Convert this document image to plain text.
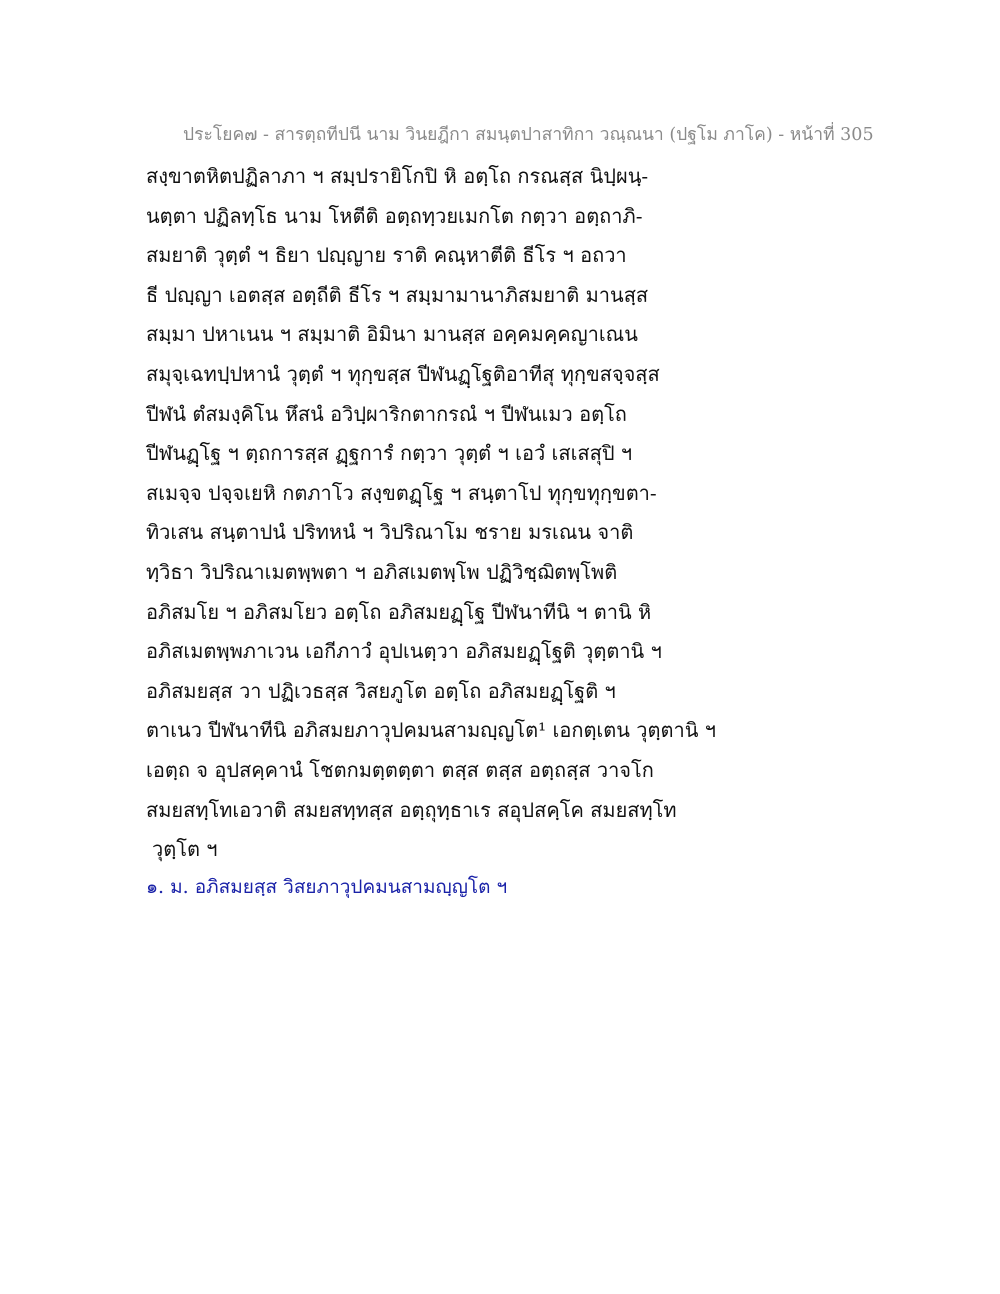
ประโยค๗ - สารตฺถทีปนี นาม วินยฎีกา สมนฺตปาสาทิกา วณฺณนา (ปฐโม ภาโค) - หน้าที่ 305
สงฺขาตหิตปฏิลาภา ฯ สมฺปรายิโกปิ หิ อตฺโถ กรณสฺส นิปฺผนฺ-
นตฺตา ปฏิลทฺโธ นาม โหตีติ อตฺถทฺวยเมกโต กตฺวา อตฺถาภิ-
สมยาติ วุตฺตํ ฯ ธิยา ปญฺญาย ราติ คณฺหาตีติ ธีโร ฯ อถวา
ธี ปญฺญา เอตสฺส อตฺถีติ ธีโร ฯ สมฺมามานาภิสมยาติ มานสฺส
สมฺมา ปหาเนน ฯ สมฺมาติ อิมินา มานสฺส อคฺคมคฺคญาเณน
สมุจฺเฉทปฺปหานํ วุตฺตํ ฯ ทุกฺขสฺส ปีฬนฏฺโฐติอาทีสุ ทุกฺขสจฺจสฺส
ปีฬนํ ตํสมงฺคิโน หึสนํ อวิปฺผาริกตากรณํ ฯ ปีฬนเมว อตฺโถ
ปีฬนฏฺโฐ ฯ ตฺถการสฺส ฏฺฐการํ กตฺวา วุตฺตํ ฯ เอวํ เสเสสุปิ ฯ
สเมจฺจ ปจฺจเยหิ กตภาโว สงฺขตฏฺโฐ ฯ สนฺตาโป ทุกฺขทุกฺขตา-
ทิวเสน สนฺตาปนํ ปริทหนํ ฯ วิปริณาโม ชราย มรเณน จาติ
ทฺวิธา วิปริณาเมตพฺพตา ฯ อภิสเมตพฺโพ ปฏิวิชฺฌิตพฺโพติ
อภิสมโย ฯ อภิสมโยว อตฺโถ อภิสมยฏฺโฐ ปีฬนาทีนิ ฯ ตานิ หิ
อภิสเมตพฺพภาเวน เอกีภาวํ อุปเนตฺวา อภิสมยฏฺโฐติ วุตฺตานิ ฯ
อภิสมยสฺส วา ปฏิเวธสฺส วิสยภูโต อตฺโถ อภิสมยฏฺโฐติ ฯ
ตาเนว ปีฬนาทีนิ อภิสมยภาวุปคมนสามญฺญโต¹ เอกตฺเตน วุตฺตานิ ฯ
เอตฺถ จ อุปสคฺคานํ โชตกมตฺตตฺตา ตสฺส ตสฺส อตฺถสฺส วาจโก
สมยสทฺโทเอวาติ สมยสทฺทสฺส อตฺถุทฺธาเร สอุปสคฺโค สมยสทฺโท
วุตฺโต ฯ
๑. ม. อภิสมยสฺส วิสยภาวุปคมนสามญฺญโต ฯ
